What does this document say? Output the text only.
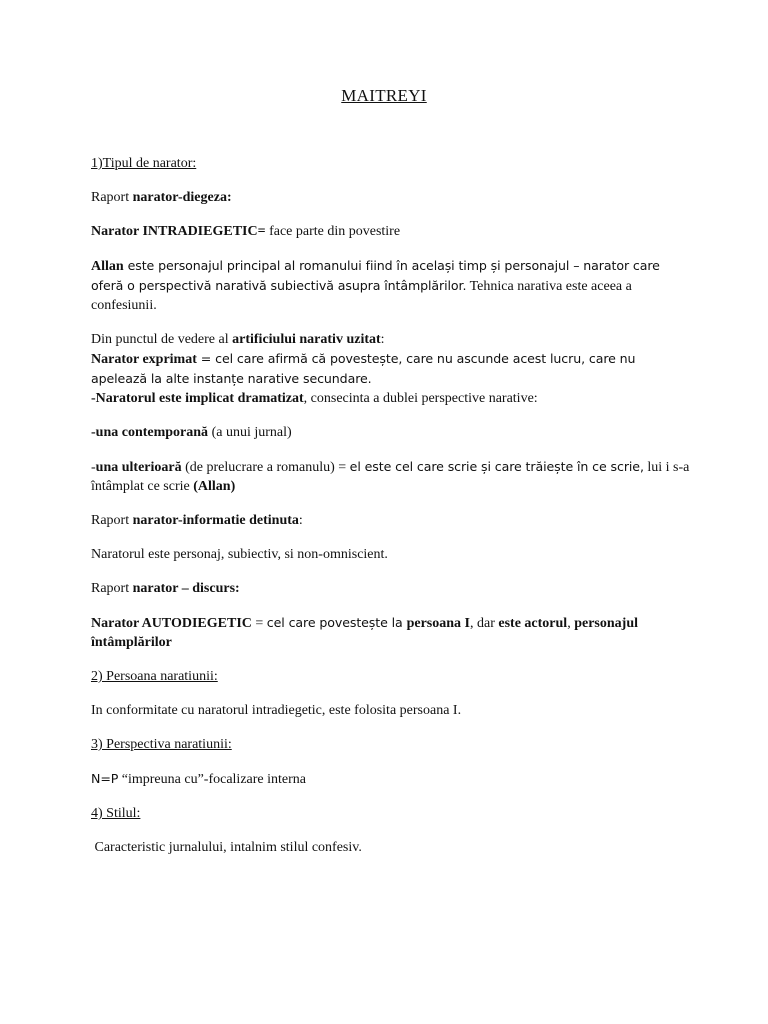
MAITREYI

1)Tipul de narator:

Raport narator-diegeza:

Narator INTRADIEGETIC= face parte din povestire

Allan este personajul principal al romanului fiind în același timp și personajul – narator care oferă o perspectivă narativă subiectivă asupra întâmplărilor. Tehnica narativa este aceea a confesiunii.

Din punctul de vedere al artificiului narativ uzitat:

Narator exprimat = cel care afirmă că povestește, care nu ascunde acest lucru, care nu apelează la alte instanțe narative secundare.

-Naratorul este implicat dramatizat, consecinta a dublei perspective narative:

-una contemporană (a unui jurnal)

-una ulterioară (de prelucrare a romanulu) = el este cel care scrie și care trăiește în ce scrie, lui i s-a întâmplat ce scrie (Allan)

Raport narator-informatie detinuta:

Naratorul este personaj, subiectiv, si non-omniscient.

Raport narator – discurs:

Narator AUTODIEGETIC = cel care povestește la persoana I, dar este actorul, personajul întâmplărilor

2) Persoana naratiunii:

In conformitate cu naratorul intradiegetic, este folosita persoana I.

3) Perspectiva naratiunii:

N=P “impreuna cu”-focalizare interna

4) Stilul:

Caracteristic jurnalului, intalnim stilul confesiv.
